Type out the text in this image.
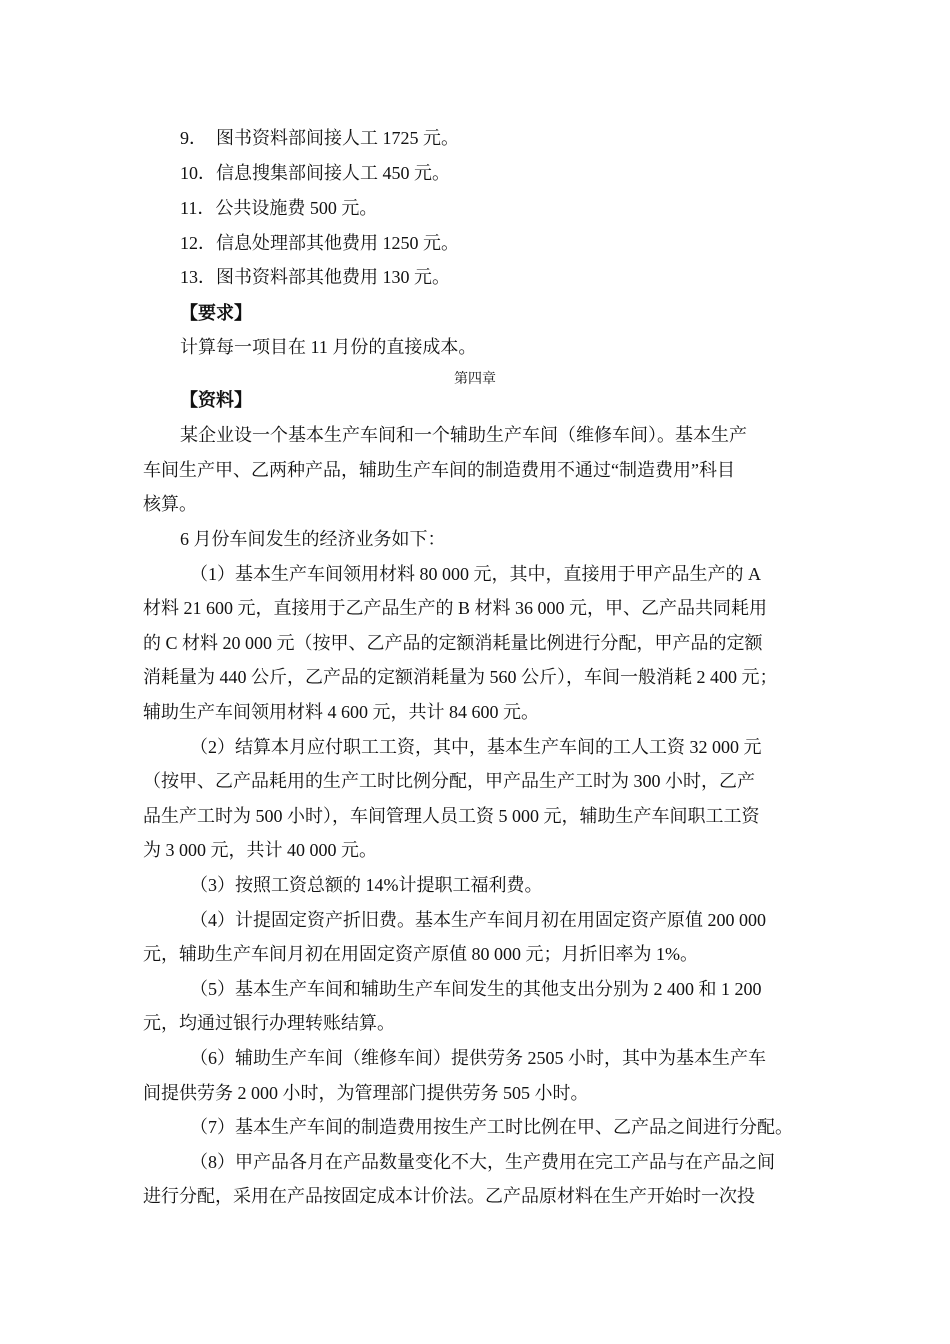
9．　图书资料部间接人工 1725 元。
10．信息搜集部间接人工 450 元。
11．公共设施费 500 元。
12．信息处理部其他费用 1250 元。
13．图书资料部其他费用 130 元。
【要求】
计算每一项目在 11 月份的直接成本。
第四章
【资料】
某企业设一个基本生产车间和一个辅助生产车间（维修车间）。基本生产
车间生产甲、乙两种产品，辅助生产车间的制造费用不通过“制造费用”科目
核算。
6 月份车间发生的经济业务如下：
（1）基本生产车间领用材料 80 000 元，其中，直接用于甲产品生产的 A
材料 21 600 元，直接用于乙产品生产的 B 材料 36 000 元，甲、乙产品共同耗用
的 C 材料 20 000 元（按甲、乙产品的定额消耗量比例进行分配，甲产品的定额
消耗量为 440 公斤，乙产品的定额消耗量为 560 公斤），车间一般消耗 2 400 元；
辅助生产车间领用材料 4 600 元，共计 84 600 元。
（2）结算本月应付职工工资，其中，基本生产车间的工人工资 32 000 元
（按甲、乙产品耗用的生产工时比例分配，甲产品生产工时为 300 小时，乙产
品生产工时为 500 小时），车间管理人员工资 5 000 元，辅助生产车间职工工资
为 3 000 元，共计 40 000 元。
（3）按照工资总额的 14%计提职工福利费。
（4）计提固定资产折旧费。基本生产车间月初在用固定资产原值 200 000
元，辅助生产车间月初在用固定资产原值 80 000 元；月折旧率为 1%。
（5）基本生产车间和辅助生产车间发生的其他支出分别为 2 400 和 1 200
元，均通过银行办理转账结算。
（6）辅助生产车间（维修车间）提供劳务 2505 小时，其中为基本生产车
间提供劳务 2 000 小时，为管理部门提供劳务 505 小时。
（7）基本生产车间的制造费用按生产工时比例在甲、乙产品之间进行分配。
（8）甲产品各月在产品数量变化不大，生产费用在完工产品与在产品之间
进行分配，采用在产品按固定成本计价法。乙产品原材料在生产开始时一次投
